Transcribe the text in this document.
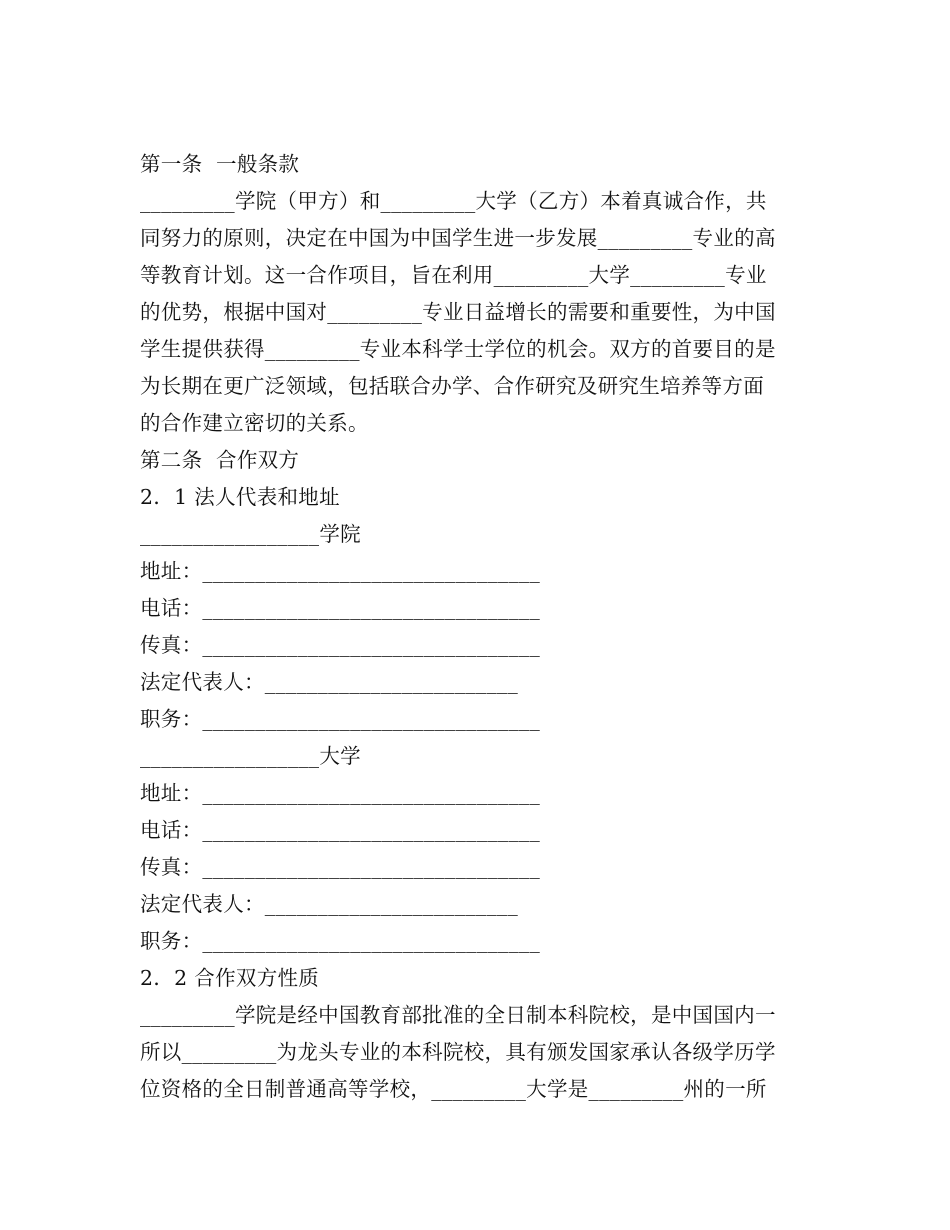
第一条  一般条款
_________学院（甲方）和_________大学（乙方）本着真诚合作，共
同努力的原则，决定在中国为中国学生进一步发展_________专业的高
等教育计划。这一合作项目，旨在利用_________大学_________专业
的优势，根据中国对_________专业日益增长的需要和重要性，为中国
学生提供获得_________专业本科学士学位的机会。双方的首要目的是
为长期在更广泛领域，包括联合办学、合作研究及研究生培养等方面
的合作建立密切的关系。
第二条  合作双方
2．1 法人代表和地址
_________________学院
地址：________________________________
电话：________________________________
传真：________________________________
法定代表人：________________________
职务：________________________________
_________________大学
地址：________________________________
电话：________________________________
传真：________________________________
法定代表人：________________________
职务：________________________________
2．2 合作双方性质
_________学院是经中国教育部批准的全日制本科院校，是中国国内一
所以_________为龙头专业的本科院校，具有颁发国家承认各级学历学
位资格的全日制普通高等学校，_________大学是_________州的一所
